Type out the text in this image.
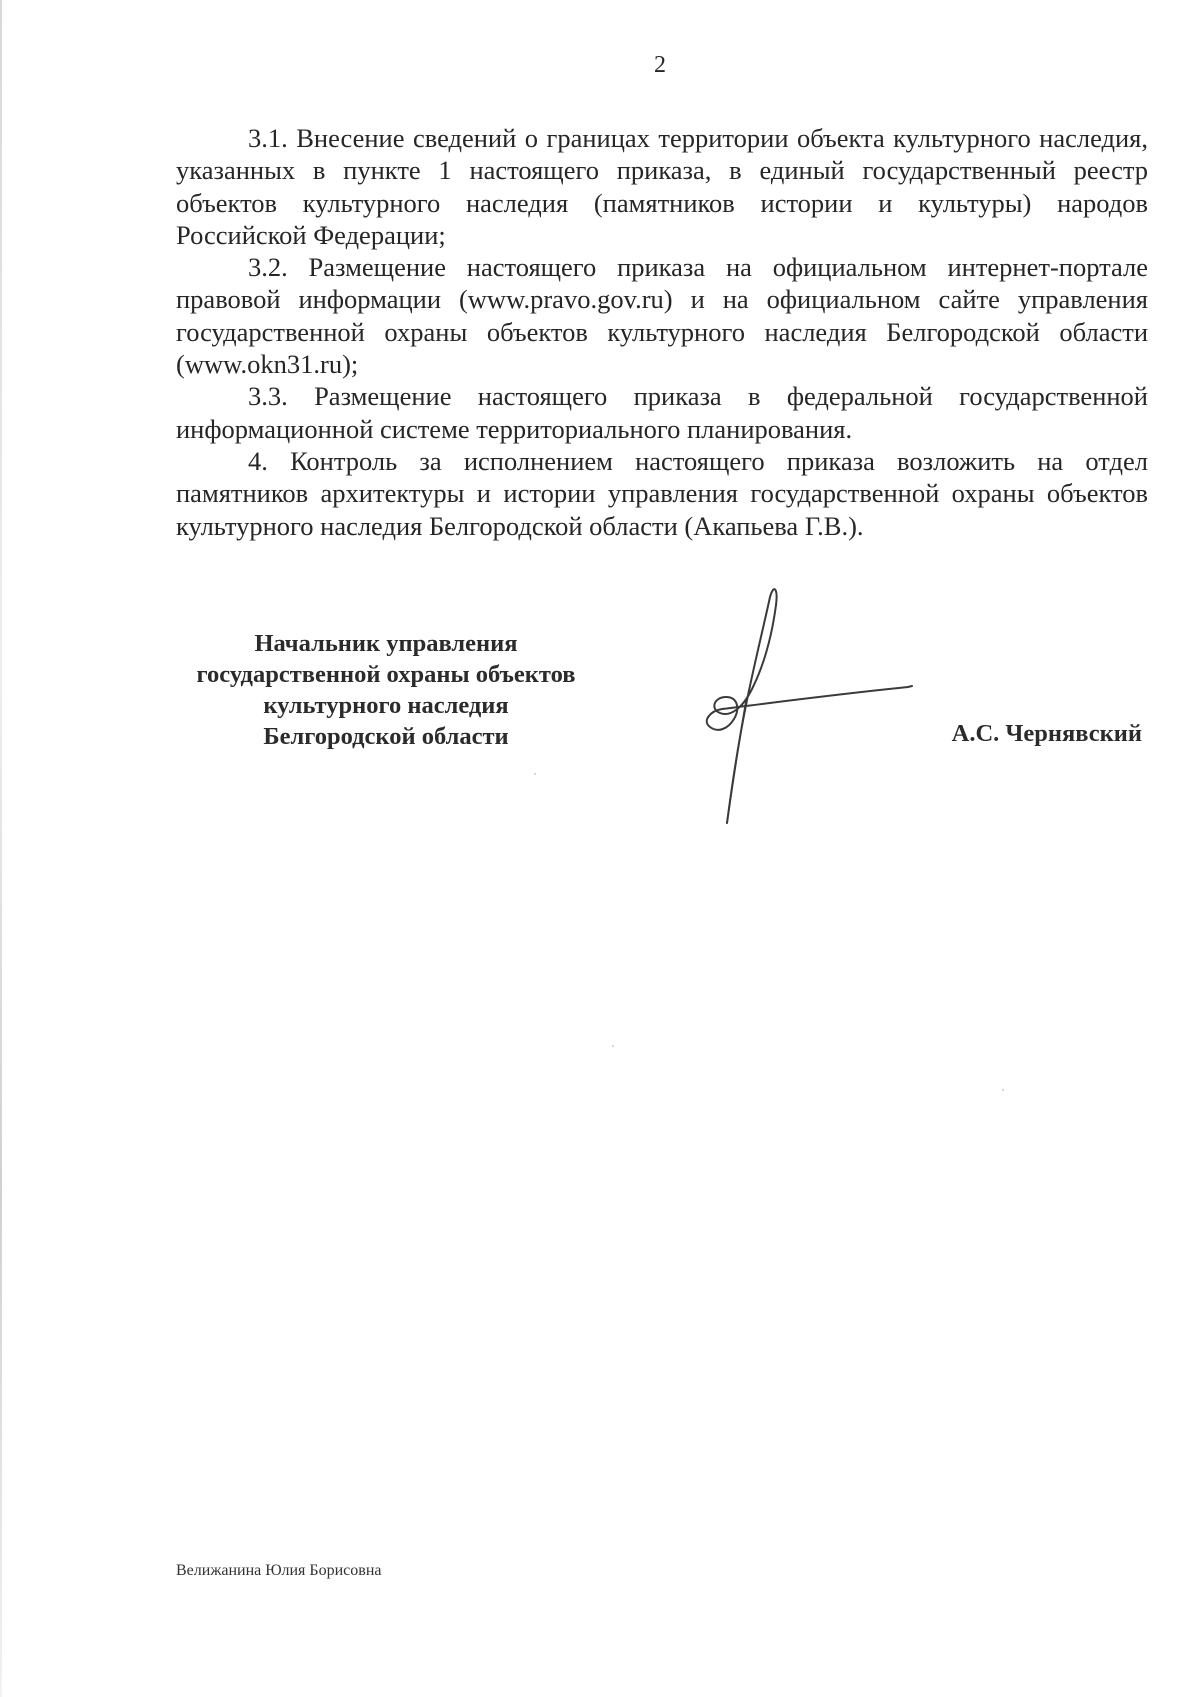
2

3.1. Внесение сведений о границах территории объекта культурного наследия, указанных в пункте 1 настоящего приказа, в единый государственный реестр объектов культурного наследия (памятников истории и культуры) народов Российской Федерации;

3.2. Размещение настоящего приказа на официальном интернет-портале правовой информации (www.pravo.gov.ru) и на официальном сайте управления государственной охраны объектов культурного наследия Белгородской области (www.okn31.ru);

3.3. Размещение настоящего приказа в федеральной государственной информационной системе территориального планирования.

4. Контроль за исполнением настоящего приказа возложить на отдел памятников архитектуры и истории управления государственной охраны объектов культурного наследия Белгородской области (Акапьева Г.В.).

Начальник управления
государственной охраны объектов
культурного наследия
Белгородской области	А.С. Чернявский
Велижанина Юлия Борисовна
